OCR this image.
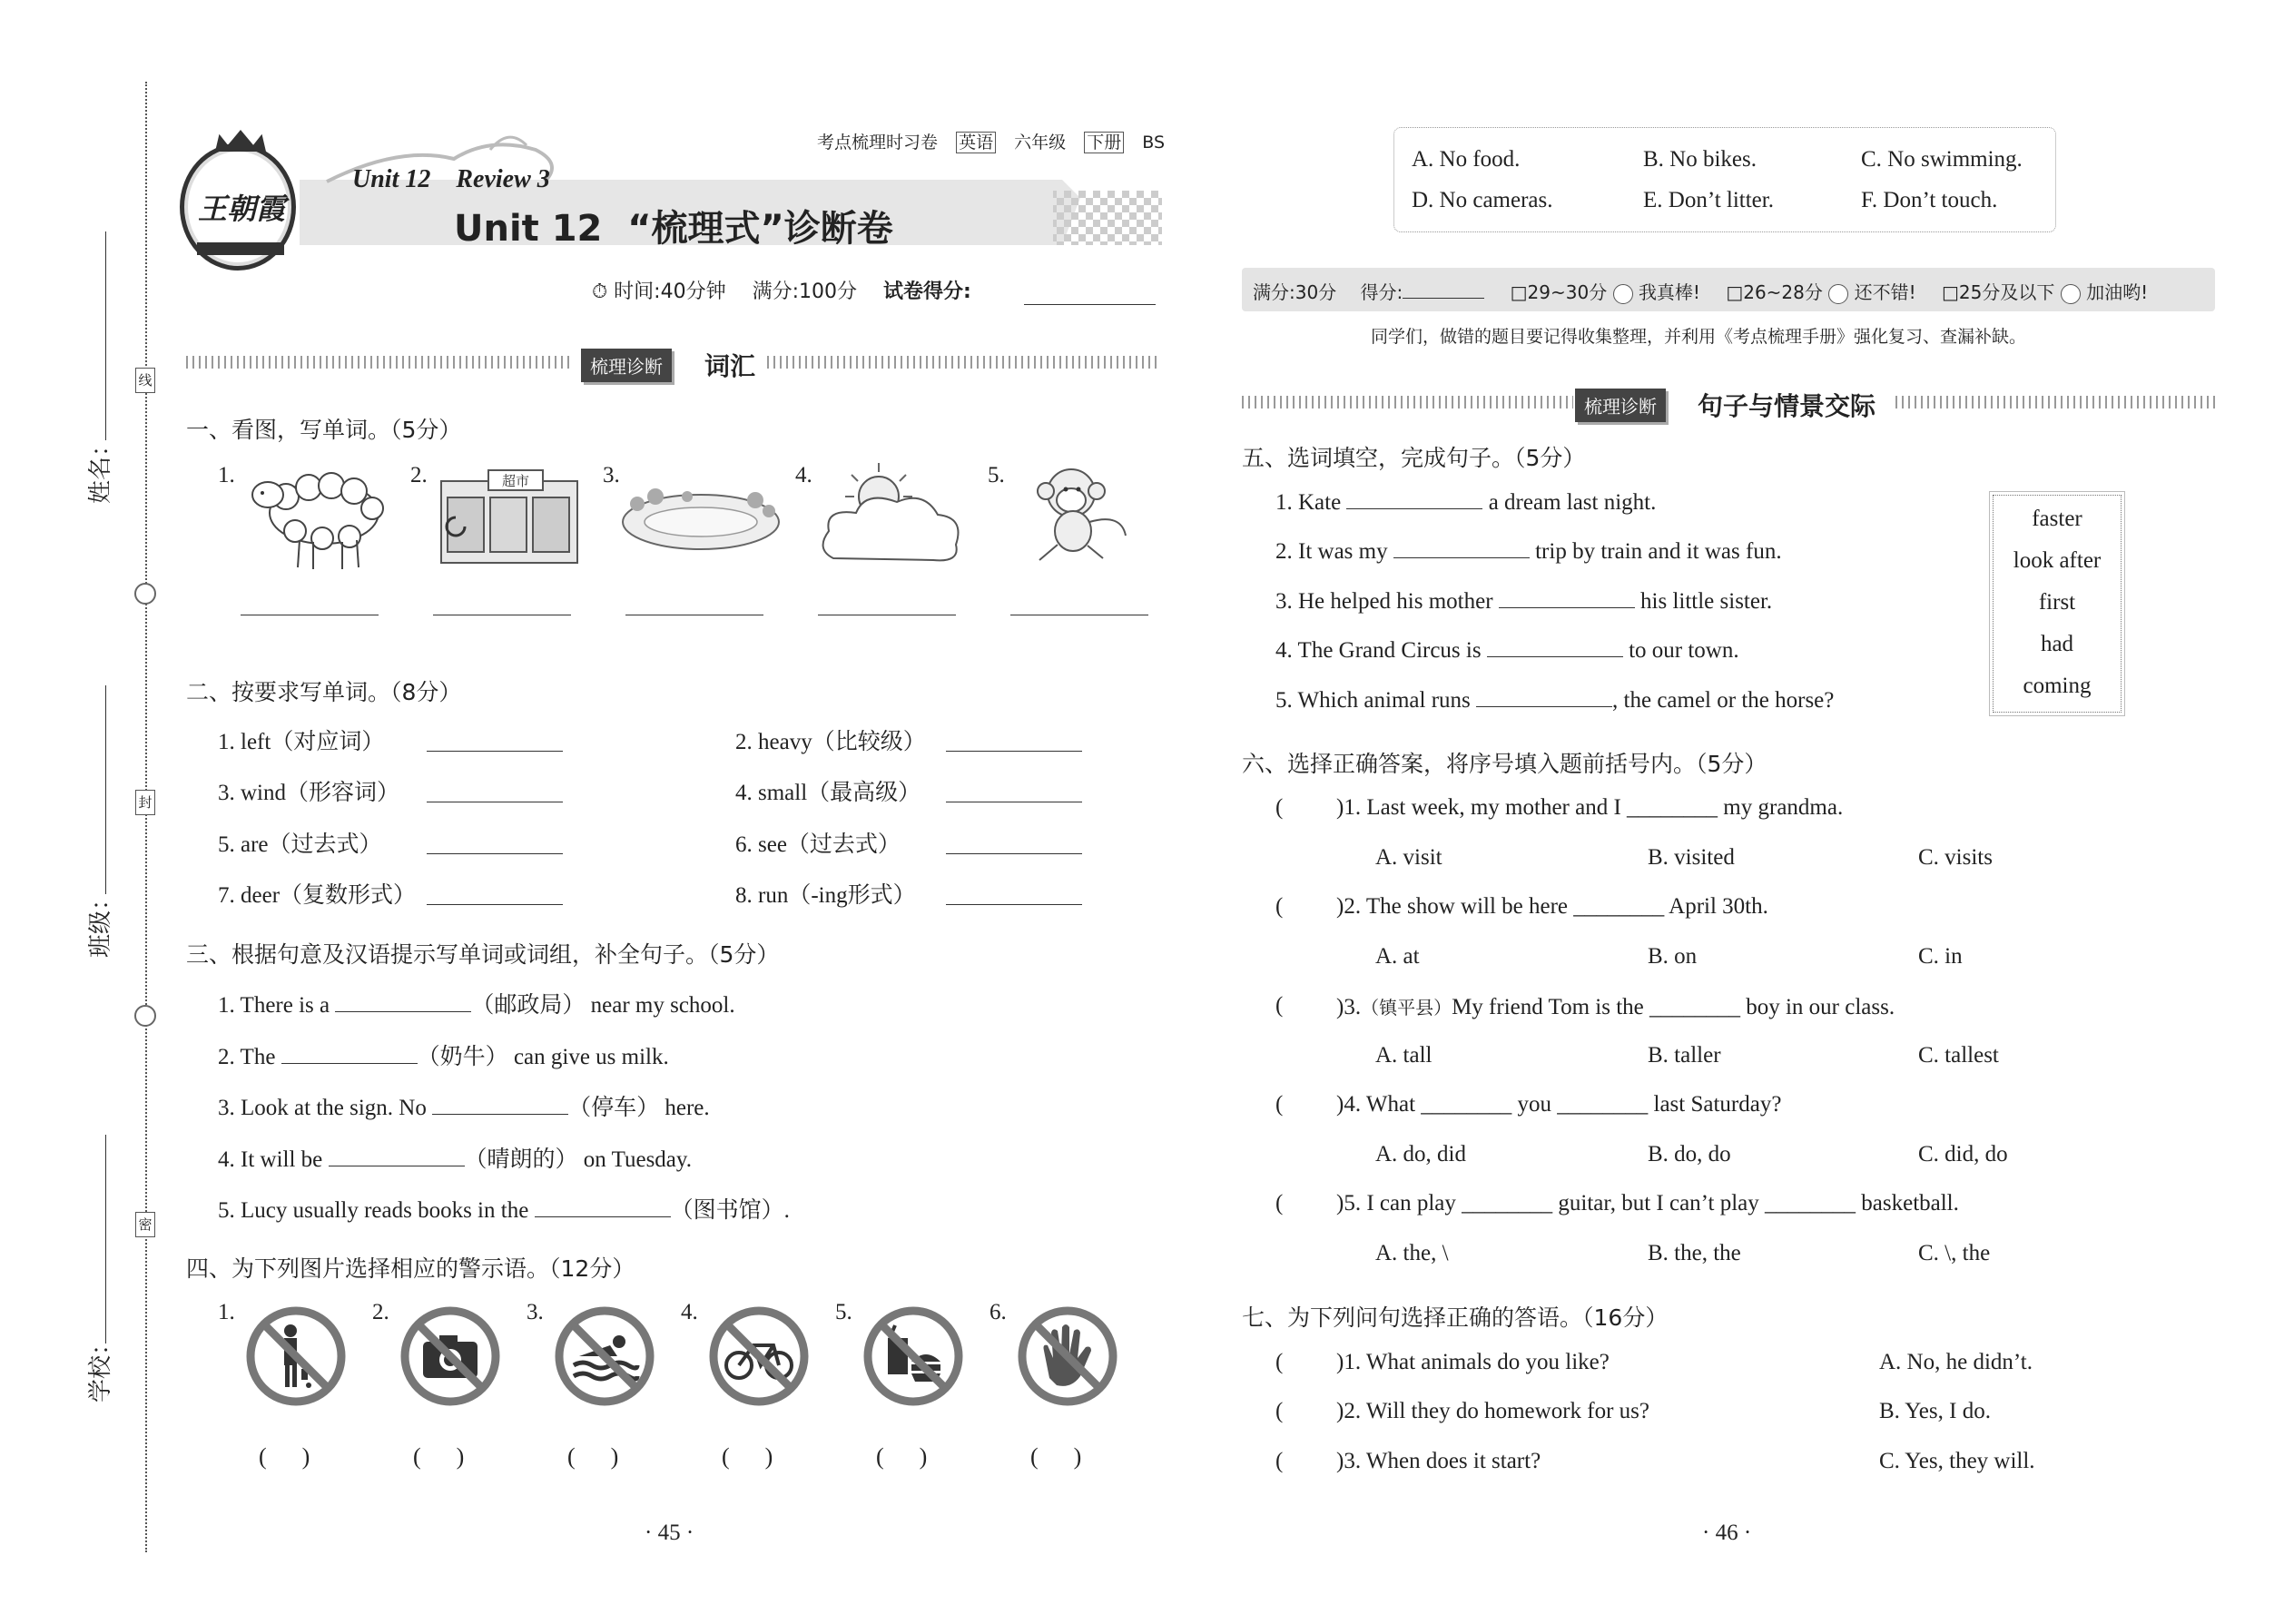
姓名：
班级：
学校：
线
封
密
王朝霞
考点梳理时习卷 英语 六年级 下册 BS
Unit 12    Review 3
Unit 12  “梳理式”诊断卷
⏱ 时间:40分钟 满分:100分 试卷得分:
梳理诊断	词汇
一、看图，写单词。（5分）
1.	2.	3.	4.	5.
超市
二、按要求写单词。（8分）
1. left（对应词）	2. heavy（比较级）
3. wind（形容词）	4. small（最高级）
5. are（过去式）	6. see（过去式）
7. deer（复数形式）	8. run（-ing形式）
三、根据句意及汉语提示写单词或词组，补全句子。（5分）
1. There is a	（邮政局） near my school.
2. The	（奶牛） can give us milk.
3. Look at the sign. No	（停车） here.
4. It will be	（晴朗的） on Tuesday.
5. Lucy usually reads books in the	（图书馆）.
四、为下列图片选择相应的警示语。（12分）
1.	2.	3.	4.	5.	6.
(      )	(      )	(      )	(      )	(      )	(      )
· 45 ·
A. No food.	B. No bikes.	C. No swimming.
D. No cameras.	E. Don’t litter.	F. Don’t touch.
满分:30分 得分:	□29~30分 我真棒! □26~28分 还不错! □25分及以下 加油哟!
同学们，做错的题目要记得收集整理，并利用《考点梳理手册》强化复习、查漏补缺。
梳理诊断	句子与情景交际
五、选词填空，完成句子。（5分）
1. Kate	a dream last night.
2. It was my	trip by train and it was fun.
3. He helped his mother	his little sister.
4. The Grand Circus is	to our town.
5. Which animal runs	, the camel or the horse?
faster
look after
first
had
coming
六、选择正确答案，将序号填入题前括号内。（5分）
( )1. Last week, my mother and I ________ my grandma.
A. visit	B. visited	C. visits
( )2. The show will be here ________ April 30th.
A. at	B. on	C. in
( )3.（镇平县）My friend Tom is the ________ boy in our class.
A. tall	B. taller	C. tallest
( )4. What ________ you ________ last Saturday?
A. do, did	B. do, do	C. did, do
( )5. I can play ________ guitar, but I can’t play ________ basketball.
A. the, \	B. the, the	C. \, the
七、为下列问句选择正确的答语。（16分）
( )1. What animals do you like?	A. No, he didn’t.
( )2. Will they do homework for us?	B. Yes, I do.
( )3. When does it start?	C. Yes, they will.
· 46 ·
